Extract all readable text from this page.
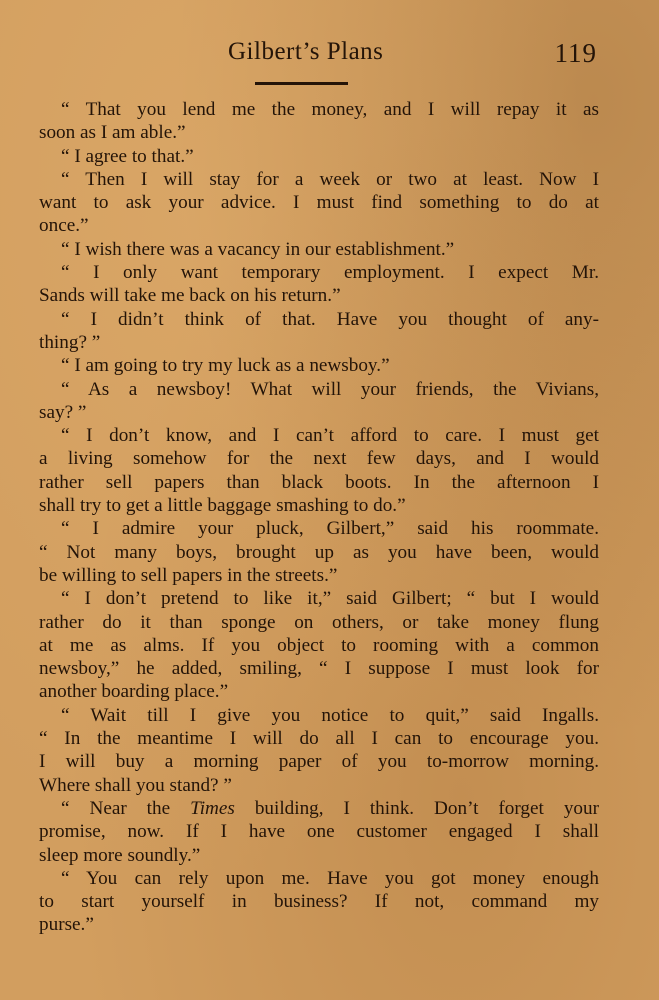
Gilbert’s Plans	119
“ That you lend me the money, and I will repay it as
soon as I am able.”
“ I agree to that.”
“ Then I will stay for a week or two at least. Now I
want to ask your advice. I must find something to do at
once.”
“ I wish there was a vacancy in our establishment.”
“ I only want temporary employment. I expect Mr.
Sands will take me back on his return.”
“ I didn’t think of that. Have you thought of any-
thing? ”
“ I am going to try my luck as a newsboy.”
“ As a newsboy! What will your friends, the Vivians,
say? ”
“ I don’t know, and I can’t afford to care. I must get
a living somehow for the next few days, and I would
rather sell papers than black boots. In the afternoon I
shall try to get a little baggage smashing to do.”
“ I admire your pluck, Gilbert,” said his roommate.
“ Not many boys, brought up as you have been, would
be willing to sell papers in the streets.”
“ I don’t pretend to like it,” said Gilbert; “ but I would
rather do it than sponge on others, or take money flung
at me as alms. If you object to rooming with a common
newsboy,” he added, smiling, “ I suppose I must look for
another boarding place.”
“ Wait till I give you notice to quit,” said Ingalls.
“ In the meantime I will do all I can to encourage you.
I will buy a morning paper of you to-morrow morning.
Where shall you stand? ”
“ Near the Times building, I think. Don’t forget your
promise, now. If I have one customer engaged I shall
sleep more soundly.”
“ You can rely upon me. Have you got money enough
to start yourself in business? If not, command my
purse.”
